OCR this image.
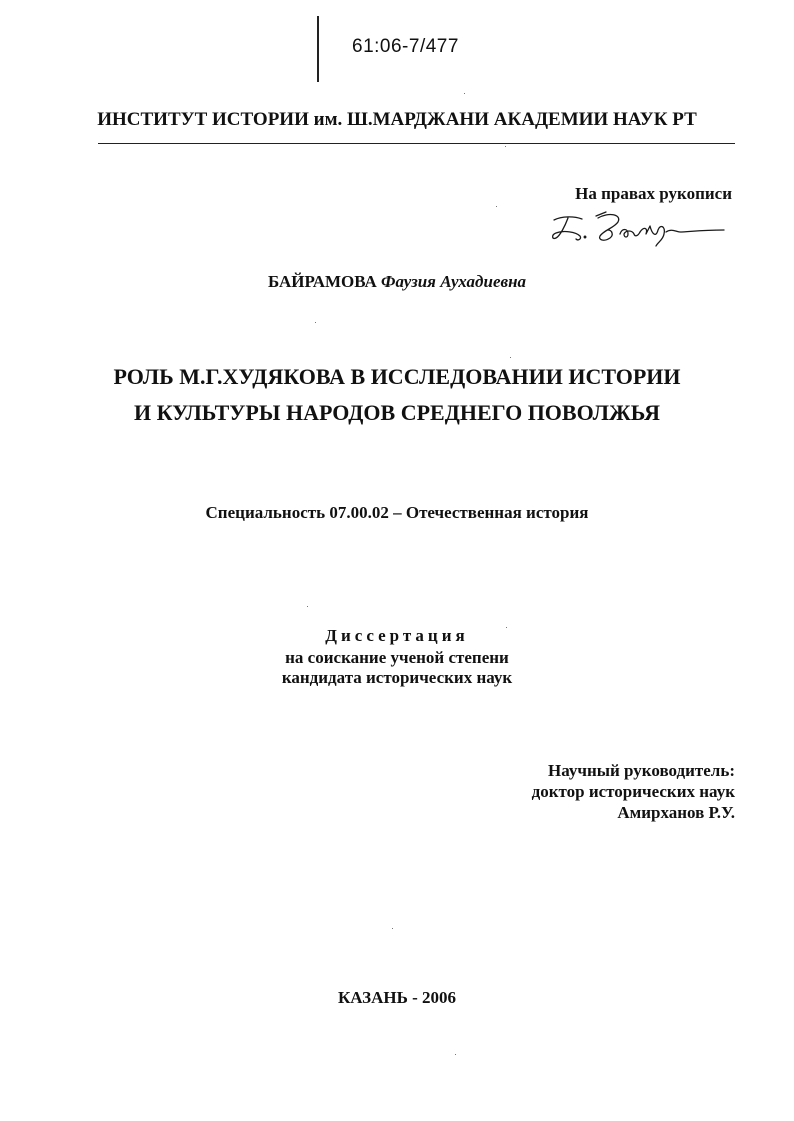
61:06-7/477
ИНСТИТУТ ИСТОРИИ им. Ш.МАРДЖАНИ АКАДЕМИИ НАУК РТ
На правах рукописи
БАЙРАМОВА Фаузия Аухадиевна
РОЛЬ М.Г.ХУДЯКОВА В ИССЛЕДОВАНИИ ИСТОРИИ
И КУЛЬТУРЫ НАРОДОВ СРЕДНЕГО ПОВОЛЖЬЯ
Специальность 07.00.02 – Отечественная история
Диссертация
на соискание ученой степени
кандидата исторических наук
Научный руководитель:
доктор исторических наук
Амирханов Р.У.
КАЗАНЬ - 2006
